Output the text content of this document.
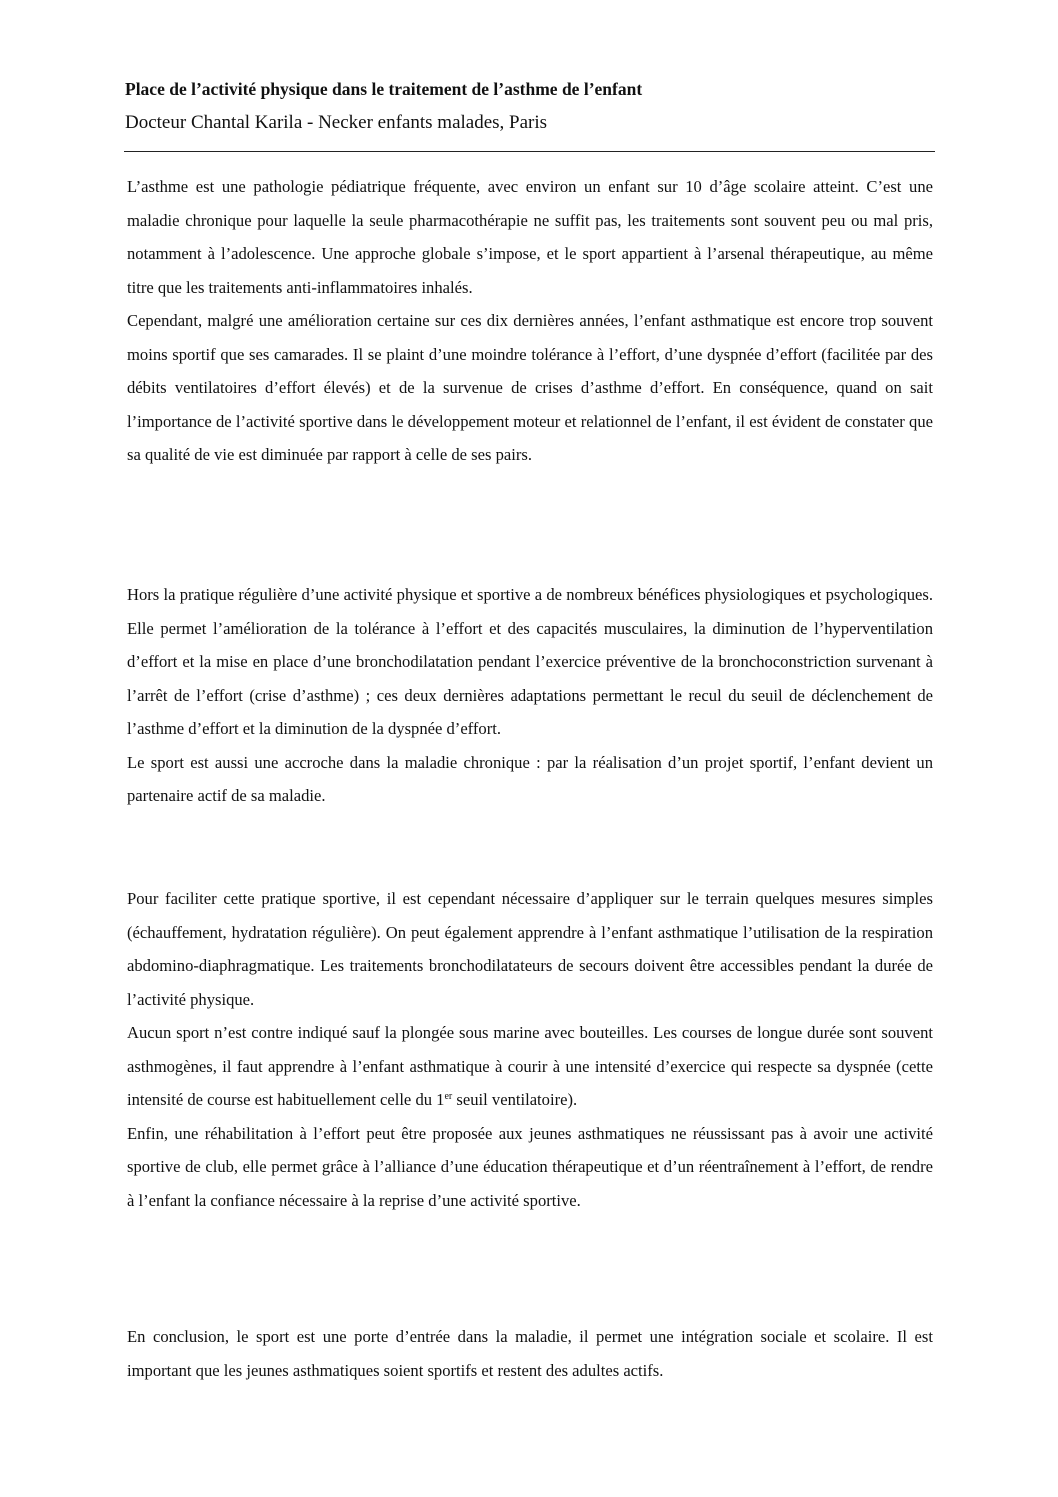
Place de l’activité physique dans le traitement de l’asthme de l’enfant
Docteur Chantal Karila - Necker enfants malades, Paris

L’asthme est une pathologie pédiatrique fréquente, avec environ un enfant sur 10 d’âge scolaire atteint. C’est une maladie chronique pour laquelle la seule pharmacothérapie ne suffit pas, les traitements sont souvent peu ou mal pris, notamment à l’adolescence. Une approche globale s’impose, et le sport appartient à l’arsenal thérapeutique, au même titre que les traitements anti-inflammatoires inhalés.

Cependant, malgré une amélioration certaine sur ces dix dernières années, l’enfant asthmatique est encore trop souvent moins sportif que ses camarades. Il se plaint d’une moindre tolérance à l’effort, d’une dyspnée d’effort (facilitée par des débits ventilatoires d’effort élevés) et de la survenue de crises d’asthme d’effort. En conséquence, quand on sait l’importance de l’activité sportive dans le développement moteur et relationnel de l’enfant, il est évident de constater que sa qualité de vie est diminuée par rapport à celle de ses pairs.

Hors la pratique régulière d’une activité physique et sportive a de nombreux bénéfices physiologiques et psychologiques. Elle permet l’amélioration de la tolérance à l’effort et des capacités musculaires, la diminution de l’hyperventilation d’effort et la mise en place d’une bronchodilatation pendant l’exercice préventive de la bronchoconstriction survenant à l’arrêt de l’effort (crise d’asthme) ; ces deux dernières adaptations permettant le recul du seuil de déclenchement de l’asthme d’effort et la diminution de la dyspnée d’effort.

Le sport est aussi une accroche dans la maladie chronique : par la réalisation d’un projet sportif, l’enfant devient un partenaire actif de sa maladie.

Pour faciliter cette pratique sportive, il est cependant nécessaire d’appliquer sur le terrain quelques mesures simples (échauffement, hydratation régulière). On peut également apprendre à l’enfant asthmatique l’utilisation de la respiration abdomino-diaphragmatique. Les traitements bronchodilatateurs de secours doivent être accessibles pendant la durée de l’activité physique.

Aucun sport n’est contre indiqué sauf la plongée sous marine avec bouteilles. Les courses de longue durée sont souvent asthmogènes, il faut apprendre à l’enfant asthmatique à courir à une intensité d’exercice qui respecte sa dyspnée (cette intensité de course est habituellement celle du 1er seuil ventilatoire).

Enfin, une réhabilitation à l’effort peut être proposée aux jeunes asthmatiques ne réussissant pas à avoir une activité sportive de club, elle permet grâce à l’alliance d’une éducation thérapeutique et d’un réentraînement à l’effort, de rendre à l’enfant la confiance nécessaire à la reprise d’une activité sportive.

En conclusion, le sport est une porte d’entrée dans la maladie, il permet une intégration sociale et scolaire. Il est important que les jeunes asthmatiques soient sportifs et restent des adultes actifs.
